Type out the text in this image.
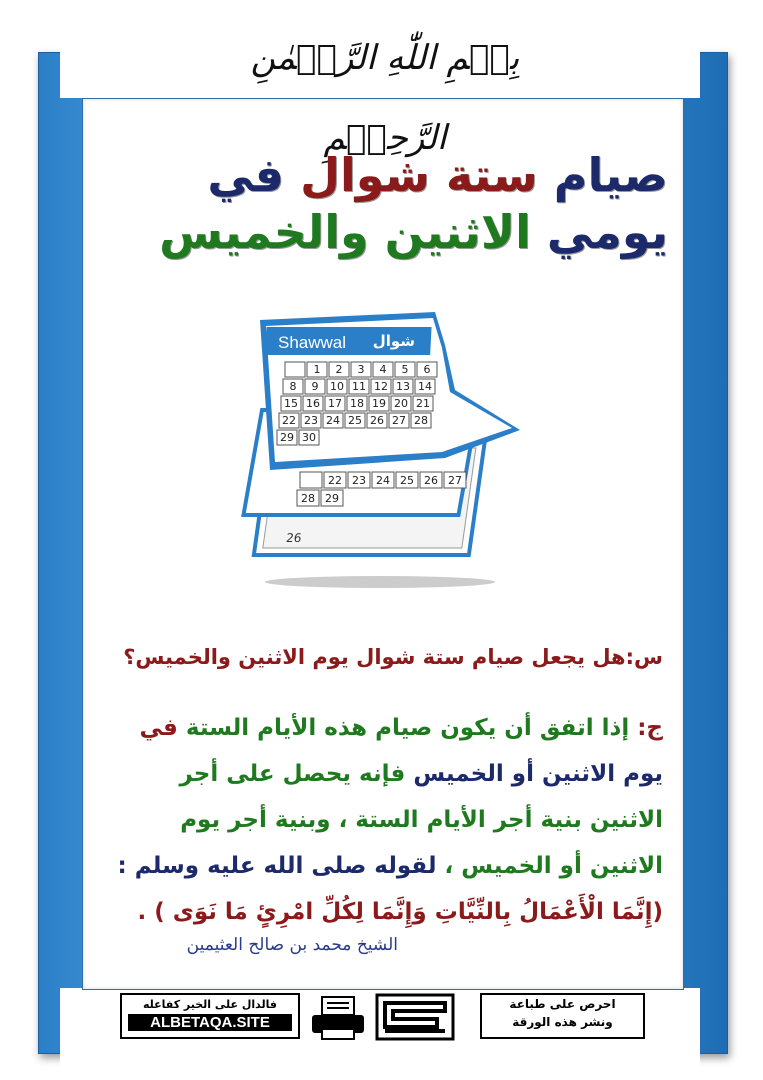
بِسۡمِ اللّٰهِ الرَّحۡمٰنِ الرَّحِيۡمِ
صيام ستة شوال في
يومي الاثنين والخميس
26
22 23 24 25 26 27
28 29
Shawwal شوال
1 2 3 4 5 6
8 9 10 11 12 13 14
15 16 17 18 19 20 21
22 23 24 25 26 27 28
29 30
س:هل يجعل صيام ستة شوال يوم الاثنين والخميس؟
ج: إذا اتفق أن يكون صيام هذه الأيام الستة في
يوم الاثنين أو الخميس فإنه يحصل على أجر
الاثنين بنية أجر الأيام الستة ، وبنية أجر يوم
الاثنين أو الخميس ، لقوله صلى الله عليه وسلم :
(إِنَّمَا الْأَعْمَالُ بِالنِّيَّاتِ وَإِنَّمَا لِكُلِّ امْرِئٍ مَا نَوَى ) .
الشيخ محمد بن صالح العثيمين
فالدال على الخير كفاعله
ALBETAQA.SITE
الدعوة الورقية
احرص على طباعة
ونشر هذه الورقة
